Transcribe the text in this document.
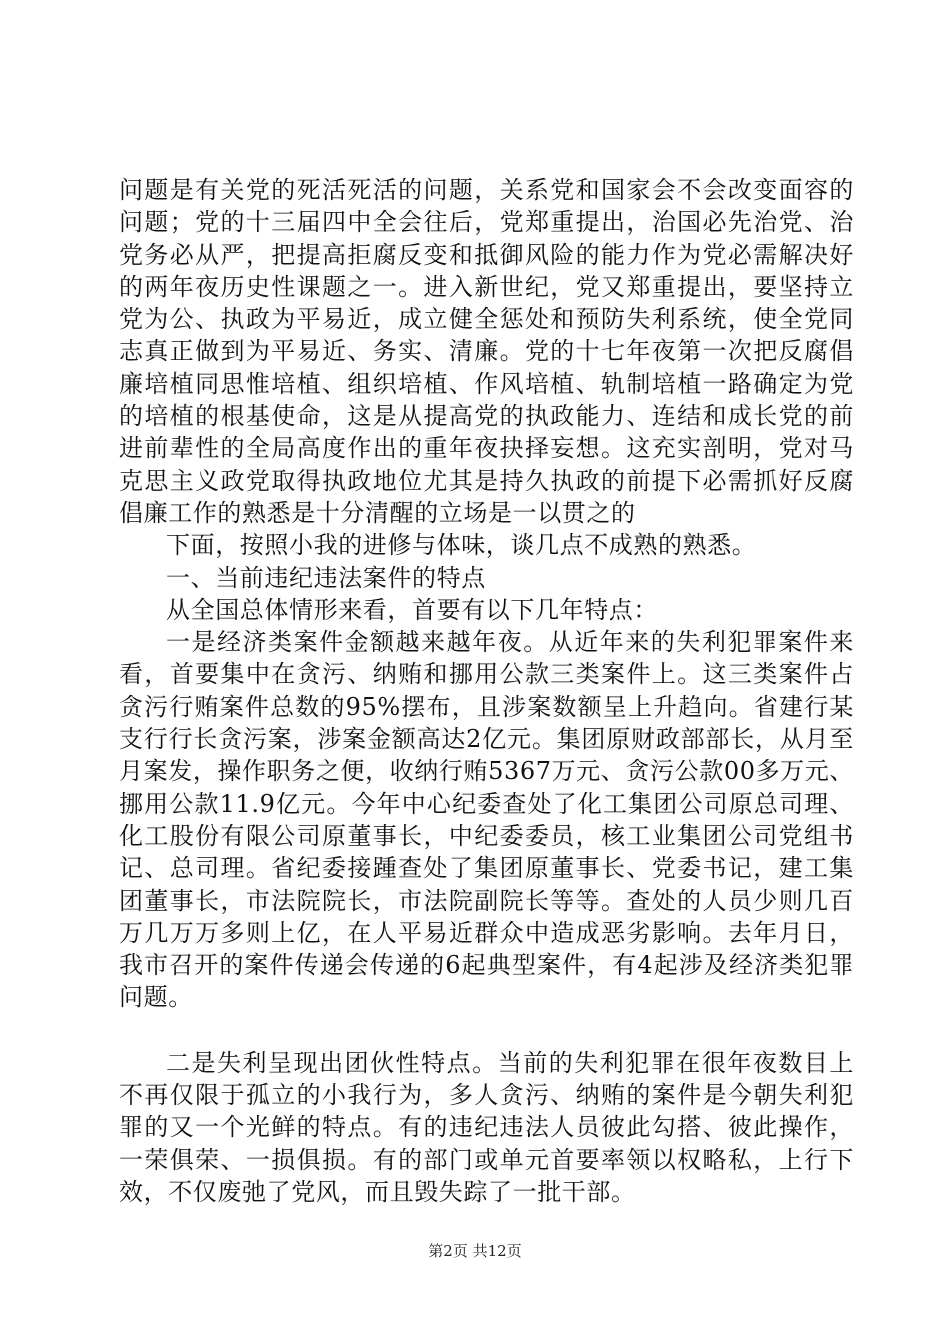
问题是有关党的死活死活的问题，关系党和国家会不会改变面容的问题；党的十三届四中全会往后，党郑重提出，治国必先治党、治党务必从严，把提高拒腐反变和抵御风险的能力作为党必需解决好的两年夜历史性课题之一。进入新世纪，党又郑重提出，要坚持立党为公、执政为平易近，成立健全惩处和预防失利系统，使全党同志真正做到为平易近、务实、清廉。党的十七年夜第一次把反腐倡廉培植同思惟培植、组织培植、作风培植、轨制培植一路确定为党的培植的根基使命，这是从提高党的执政能力、连结和成长党的前进前辈性的全局高度作出的重年夜抉择妄想。这充实剖明，党对马克思主义政党取得执政地位尤其是持久执政的前提下必需抓好反腐倡廉工作的熟悉是十分清醒的立场是一以贯之的

下面，按照小我的进修与体味，谈几点不成熟的熟悉。

一、当前违纪违法案件的特点

从全国总体情形来看，首要有以下几年特点：

一是经济类案件金额越来越年夜。从近年来的失利犯罪案件来看，首要集中在贪污、纳贿和挪用公款三类案件上。这三类案件占贪污行贿案件总数的95%摆布，且涉案数额呈上升趋向。省建行某支行行长贪污案，涉案金额高达2亿元。集团原财政部部长，从月至月案发，操作职务之便，收纳行贿5367万元、贪污公款00多万元、挪用公款11.9亿元。今年中心纪委查处了化工集团公司原总司理、化工股份有限公司原董事长，中纪委委员，核工业集团公司党组书记、总司理。省纪委接踵查处了集团原董事长、党委书记，建工集团董事长，市法院院长，市法院副院长等等。查处的人员少则几百万几万万多则上亿，在人平易近群众中造成恶劣影响。去年月日，我市召开的案件传递会传递的6起典型案件，有4起涉及经济类犯罪问题。

二是失利呈现出团伙性特点。当前的失利犯罪在很年夜数目上不再仅限于孤立的小我行为，多人贪污、纳贿的案件是今朝失利犯罪的又一个光鲜的特点。有的违纪违法人员彼此勾搭、彼此操作，一荣俱荣、一损俱损。有的部门或单元首要率领以权略私，上行下效，不仅废弛了党风，而且毁失踪了一批干部。

第2页 共12页
